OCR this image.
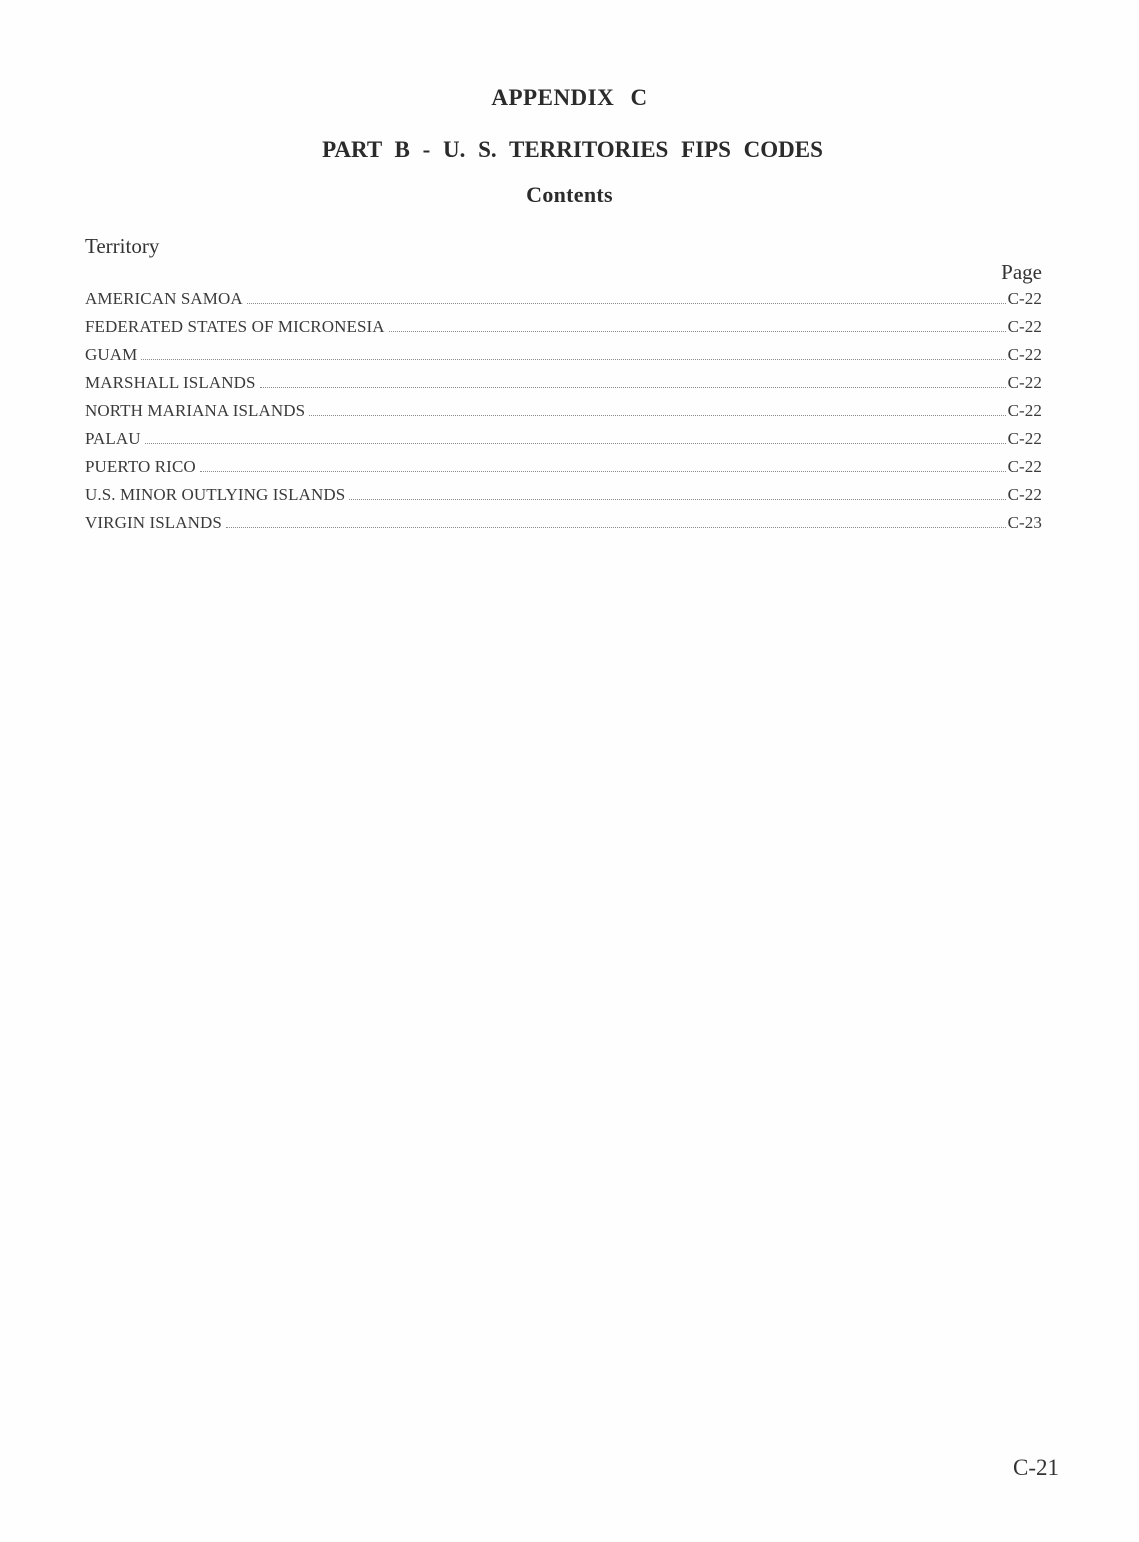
APPENDIX C
PART B - U. S. TERRITORIES FIPS CODES
Contents
Territory
Page
AMERICAN SAMOA	C-22
FEDERATED STATES OF MICRONESIA	C-22
GUAM	C-22
MARSHALL ISLANDS	C-22
NORTH MARIANA ISLANDS	C-22
PALAU	C-22
PUERTO RICO	C-22
U.S. MINOR OUTLYING ISLANDS	C-22
VIRGIN ISLANDS	C-23
C-21
